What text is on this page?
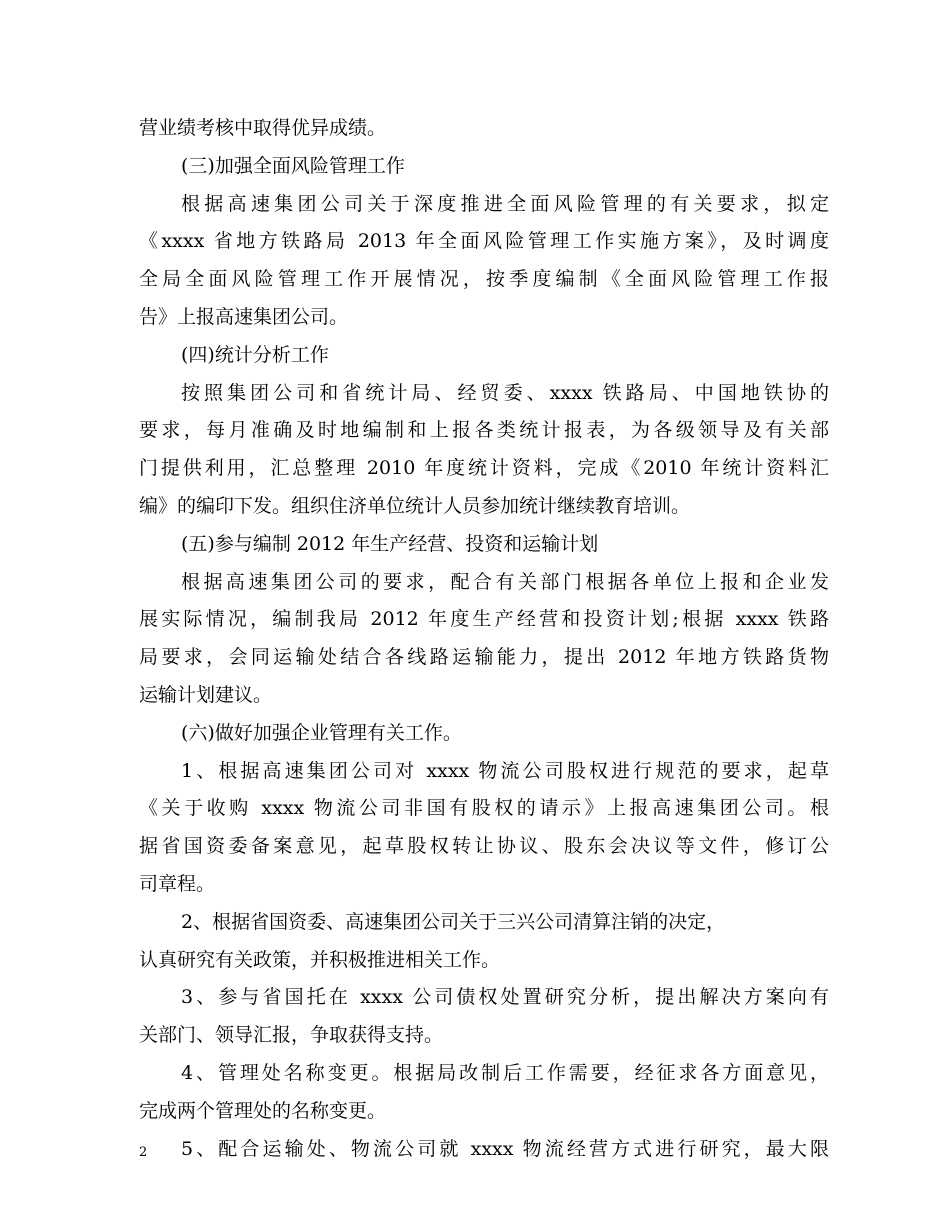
营业绩考核中取得优异成绩。
(三)加强全面风险管理工作
根据高速集团公司关于深度推进全面风险管理的有关要求，拟定
《xxxx 省地方铁路局 2013 年全面风险管理工作实施方案》，及时调度
全局全面风险管理工作开展情况，按季度编制《全面风险管理工作报
告》上报高速集团公司。
(四)统计分析工作
按照集团公司和省统计局、经贸委、xxxx 铁路局、中国地铁协的
要求，每月准确及时地编制和上报各类统计报表，为各级领导及有关部
门提供利用，汇总整理 2010 年度统计资料，完成《2010 年统计资料汇
编》的编印下发。组织住济单位统计人员参加统计继续教育培训。
(五)参与编制 2012 年生产经营、投资和运输计划
根据高速集团公司的要求，配合有关部门根据各单位上报和企业发
展实际情况，编制我局 2012 年度生产经营和投资计划;根据 xxxx 铁路
局要求，会同运输处结合各线路运输能力，提出 2012 年地方铁路货物
运输计划建议。
(六)做好加强企业管理有关工作。
1、根据高速集团公司对 xxxx 物流公司股权进行规范的要求，起草
《关于收购 xxxx 物流公司非国有股权的请示》上报高速集团公司。根
据省国资委备案意见，起草股权转让协议、股东会决议等文件，修订公
司章程。
2、根据省国资委、高速集团公司关于三兴公司清算注销的决定，
认真研究有关政策，并积极推进相关工作。
3、参与省国托在 xxxx 公司债权处置研究分析，提出解决方案向有
关部门、领导汇报，争取获得支持。
4、管理处名称变更。根据局改制后工作需要，经征求各方面意见，
完成两个管理处的名称变更。
5、配合运输处、物流公司就 xxxx 物流经营方式进行研究，最大限
2
